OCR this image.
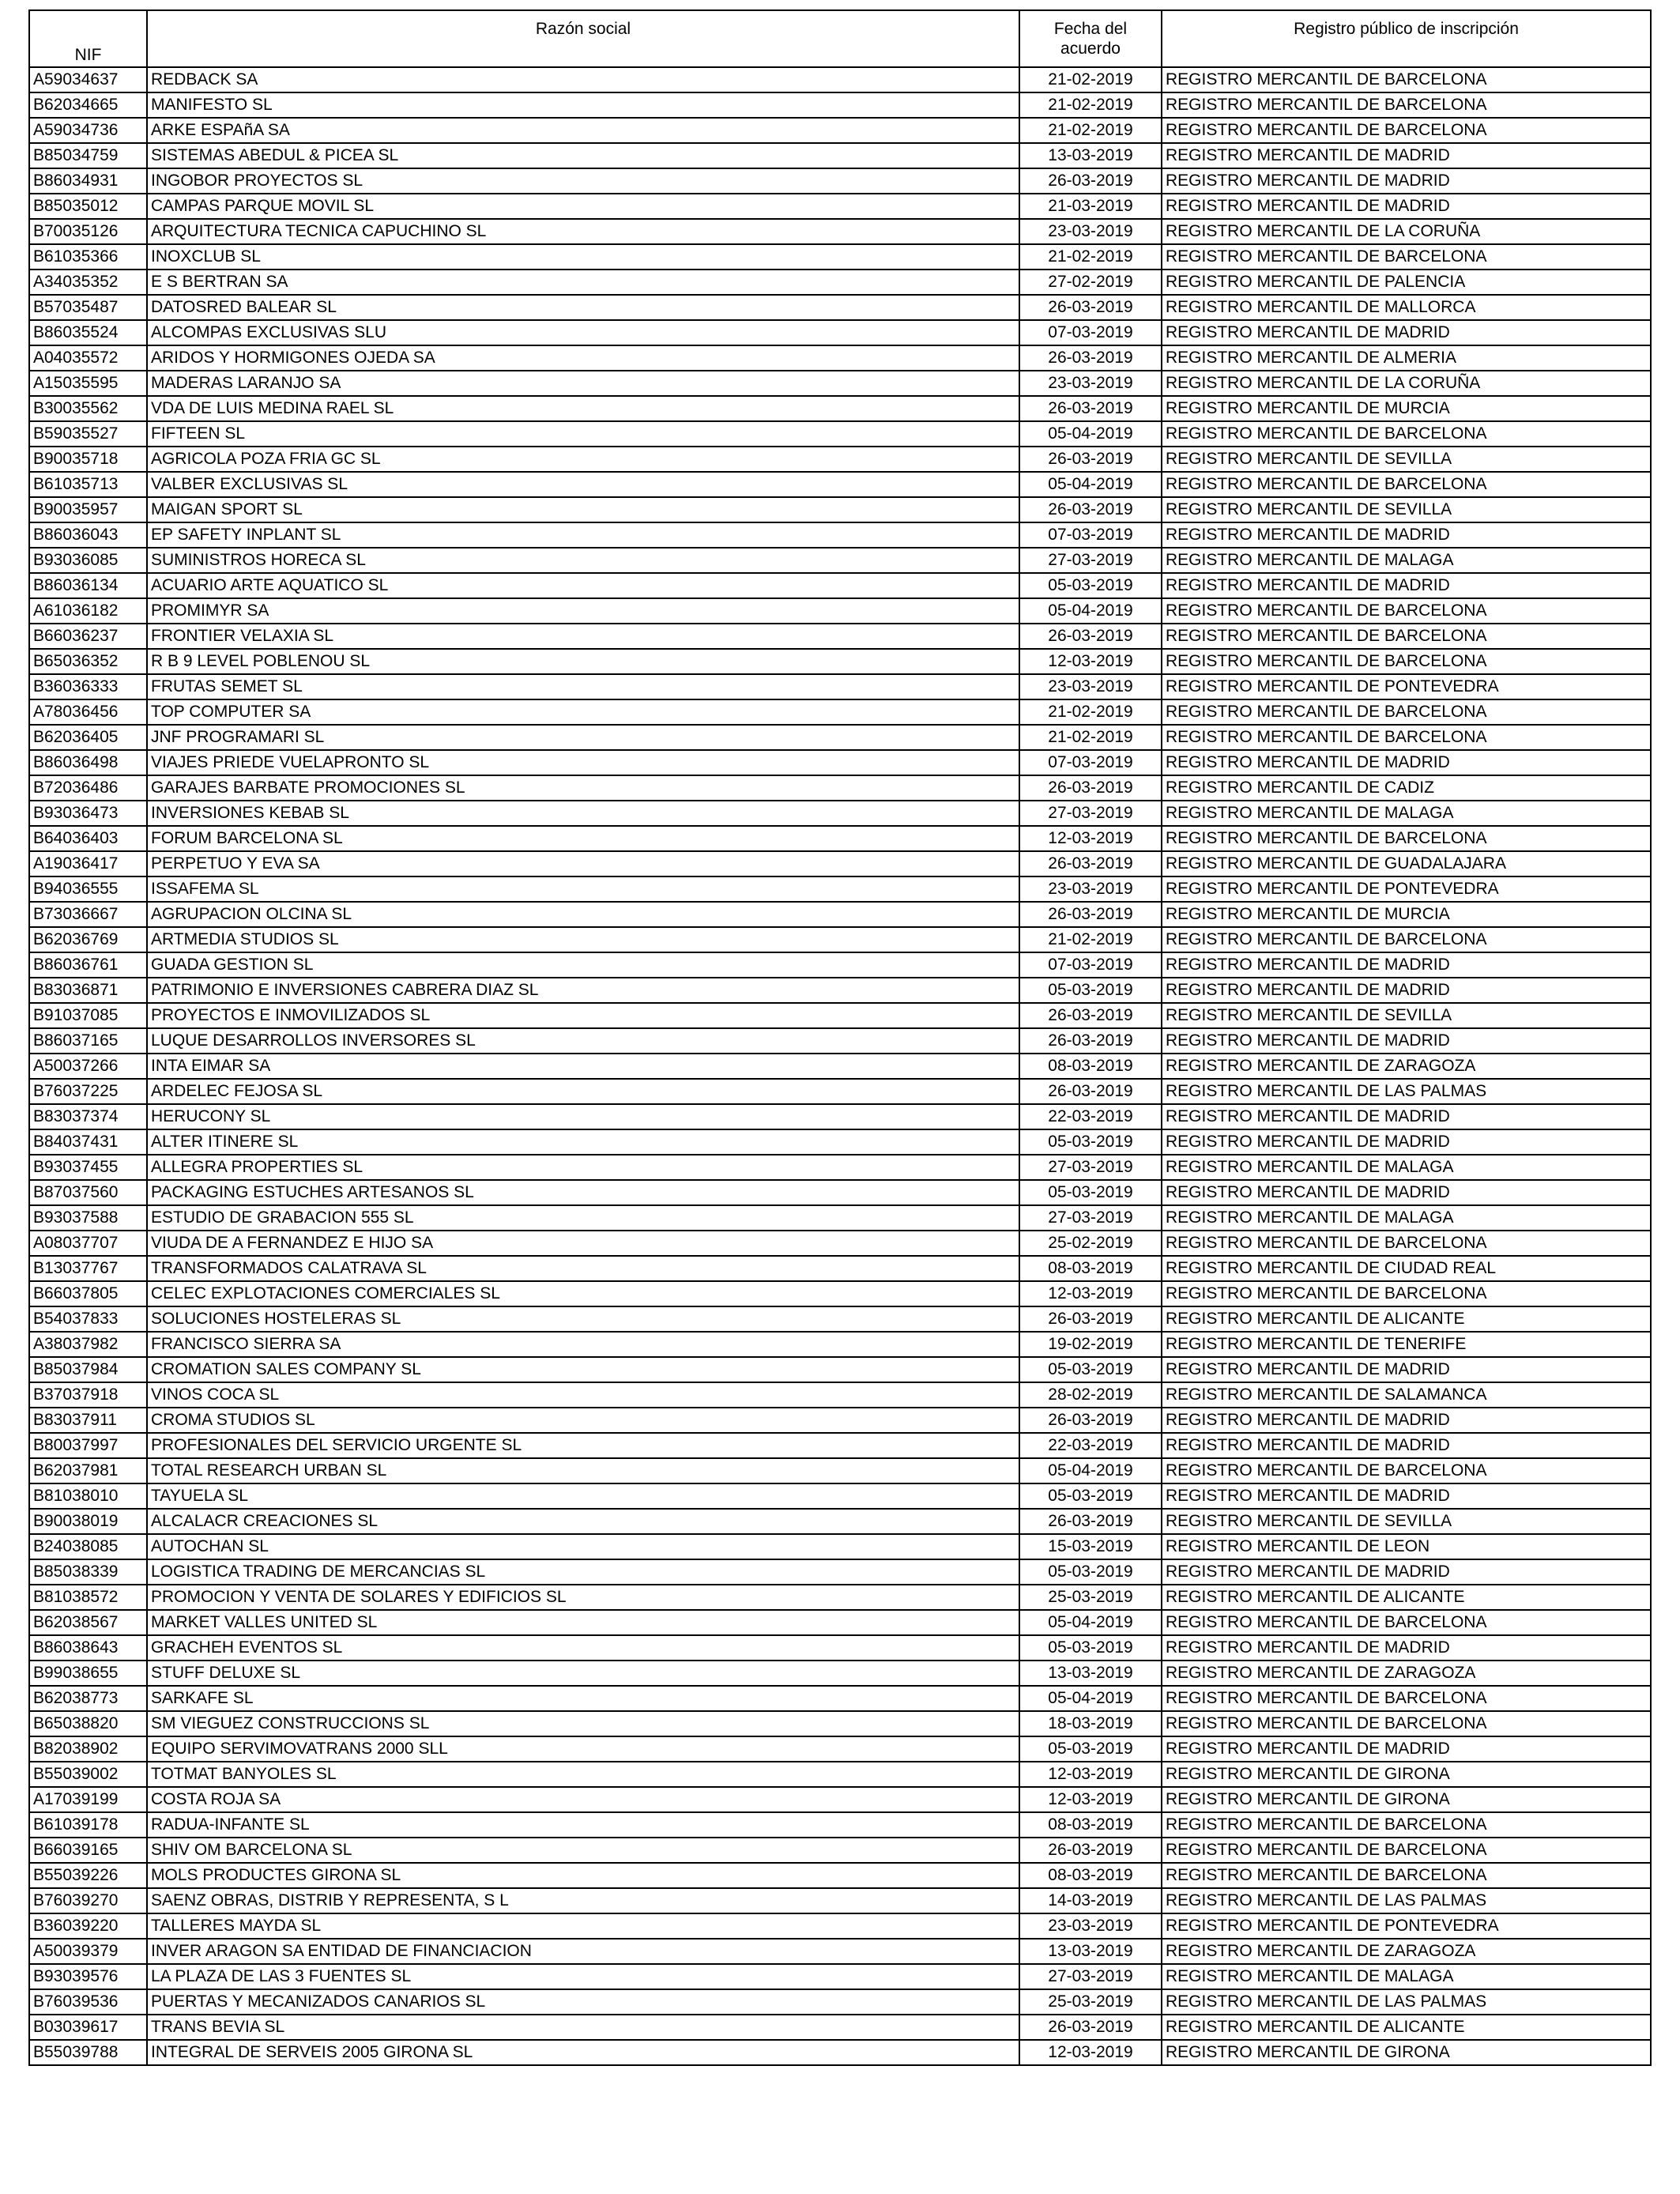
NIF	Razón social	Fecha del acuerdo	Registro público de inscripción
A59034637	REDBACK SA	21-02-2019	REGISTRO MERCANTIL DE BARCELONA
B62034665	MANIFESTO SL	21-02-2019	REGISTRO MERCANTIL DE BARCELONA
A59034736	ARKE ESPAñA SA	21-02-2019	REGISTRO MERCANTIL DE BARCELONA
B85034759	SISTEMAS ABEDUL & PICEA SL	13-03-2019	REGISTRO MERCANTIL DE MADRID
B86034931	INGOBOR PROYECTOS SL	26-03-2019	REGISTRO MERCANTIL DE MADRID
B85035012	CAMPAS PARQUE MOVIL SL	21-03-2019	REGISTRO MERCANTIL DE MADRID
B70035126	ARQUITECTURA TECNICA CAPUCHINO SL	23-03-2019	REGISTRO MERCANTIL DE LA CORUÑA
B61035366	INOXCLUB SL	21-02-2019	REGISTRO MERCANTIL DE BARCELONA
A34035352	E S BERTRAN SA	27-02-2019	REGISTRO MERCANTIL DE PALENCIA
B57035487	DATOSRED BALEAR SL	26-03-2019	REGISTRO MERCANTIL DE MALLORCA
B86035524	ALCOMPAS EXCLUSIVAS SLU	07-03-2019	REGISTRO MERCANTIL DE MADRID
A04035572	ARIDOS Y HORMIGONES OJEDA SA	26-03-2019	REGISTRO MERCANTIL DE ALMERIA
A15035595	MADERAS LARANJO SA	23-03-2019	REGISTRO MERCANTIL DE LA CORUÑA
B30035562	VDA DE LUIS MEDINA RAEL SL	26-03-2019	REGISTRO MERCANTIL DE MURCIA
B59035527	FIFTEEN SL	05-04-2019	REGISTRO MERCANTIL DE BARCELONA
B90035718	AGRICOLA POZA FRIA GC SL	26-03-2019	REGISTRO MERCANTIL DE SEVILLA
B61035713	VALBER EXCLUSIVAS SL	05-04-2019	REGISTRO MERCANTIL DE BARCELONA
B90035957	MAIGAN SPORT SL	26-03-2019	REGISTRO MERCANTIL DE SEVILLA
B86036043	EP SAFETY INPLANT SL	07-03-2019	REGISTRO MERCANTIL DE MADRID
B93036085	SUMINISTROS HORECA SL	27-03-2019	REGISTRO MERCANTIL DE MALAGA
B86036134	ACUARIO ARTE AQUATICO SL	05-03-2019	REGISTRO MERCANTIL DE MADRID
A61036182	PROMIMYR SA	05-04-2019	REGISTRO MERCANTIL DE BARCELONA
B66036237	FRONTIER VELAXIA SL	26-03-2019	REGISTRO MERCANTIL DE BARCELONA
B65036352	R B 9 LEVEL POBLENOU SL	12-03-2019	REGISTRO MERCANTIL DE BARCELONA
B36036333	FRUTAS SEMET SL	23-03-2019	REGISTRO MERCANTIL DE PONTEVEDRA
A78036456	TOP COMPUTER SA	21-02-2019	REGISTRO MERCANTIL DE BARCELONA
B62036405	JNF PROGRAMARI SL	21-02-2019	REGISTRO MERCANTIL DE BARCELONA
B86036498	VIAJES PRIEDE VUELAPRONTO SL	07-03-2019	REGISTRO MERCANTIL DE MADRID
B72036486	GARAJES BARBATE PROMOCIONES SL	26-03-2019	REGISTRO MERCANTIL DE CADIZ
B93036473	INVERSIONES KEBAB SL	27-03-2019	REGISTRO MERCANTIL DE MALAGA
B64036403	FORUM BARCELONA SL	12-03-2019	REGISTRO MERCANTIL DE BARCELONA
A19036417	PERPETUO Y EVA SA	26-03-2019	REGISTRO MERCANTIL DE GUADALAJARA
B94036555	ISSAFEMA SL	23-03-2019	REGISTRO MERCANTIL DE PONTEVEDRA
B73036667	AGRUPACION OLCINA SL	26-03-2019	REGISTRO MERCANTIL DE MURCIA
B62036769	ARTMEDIA STUDIOS SL	21-02-2019	REGISTRO MERCANTIL DE BARCELONA
B86036761	GUADA GESTION SL	07-03-2019	REGISTRO MERCANTIL DE MADRID
B83036871	PATRIMONIO E INVERSIONES CABRERA DIAZ SL	05-03-2019	REGISTRO MERCANTIL DE MADRID
B91037085	PROYECTOS E INMOVILIZADOS SL	26-03-2019	REGISTRO MERCANTIL DE SEVILLA
B86037165	LUQUE DESARROLLOS INVERSORES SL	26-03-2019	REGISTRO MERCANTIL DE MADRID
A50037266	INTA EIMAR SA	08-03-2019	REGISTRO MERCANTIL DE ZARAGOZA
B76037225	ARDELEC FEJOSA SL	26-03-2019	REGISTRO MERCANTIL DE LAS PALMAS
B83037374	HERUCONY SL	22-03-2019	REGISTRO MERCANTIL DE MADRID
B84037431	ALTER ITINERE SL	05-03-2019	REGISTRO MERCANTIL DE MADRID
B93037455	ALLEGRA PROPERTIES SL	27-03-2019	REGISTRO MERCANTIL DE MALAGA
B87037560	PACKAGING ESTUCHES ARTESANOS SL	05-03-2019	REGISTRO MERCANTIL DE MADRID
B93037588	ESTUDIO DE GRABACION 555 SL	27-03-2019	REGISTRO MERCANTIL DE MALAGA
A08037707	VIUDA DE A FERNANDEZ E HIJO SA	25-02-2019	REGISTRO MERCANTIL DE BARCELONA
B13037767	TRANSFORMADOS CALATRAVA SL	08-03-2019	REGISTRO MERCANTIL DE CIUDAD REAL
B66037805	CELEC EXPLOTACIONES COMERCIALES SL	12-03-2019	REGISTRO MERCANTIL DE BARCELONA
B54037833	SOLUCIONES HOSTELERAS SL	26-03-2019	REGISTRO MERCANTIL DE ALICANTE
A38037982	FRANCISCO SIERRA SA	19-02-2019	REGISTRO MERCANTIL DE TENERIFE
B85037984	CROMATION SALES COMPANY SL	05-03-2019	REGISTRO MERCANTIL DE MADRID
B37037918	VINOS COCA SL	28-02-2019	REGISTRO MERCANTIL DE SALAMANCA
B83037911	CROMA STUDIOS SL	26-03-2019	REGISTRO MERCANTIL DE MADRID
B80037997	PROFESIONALES DEL SERVICIO URGENTE SL	22-03-2019	REGISTRO MERCANTIL DE MADRID
B62037981	TOTAL RESEARCH URBAN SL	05-04-2019	REGISTRO MERCANTIL DE BARCELONA
B81038010	TAYUELA SL	05-03-2019	REGISTRO MERCANTIL DE MADRID
B90038019	ALCALACR CREACIONES SL	26-03-2019	REGISTRO MERCANTIL DE SEVILLA
B24038085	AUTOCHAN SL	15-03-2019	REGISTRO MERCANTIL DE LEON
B85038339	LOGISTICA TRADING DE MERCANCIAS SL	05-03-2019	REGISTRO MERCANTIL DE MADRID
B81038572	PROMOCION Y VENTA DE SOLARES Y EDIFICIOS SL	25-03-2019	REGISTRO MERCANTIL DE ALICANTE
B62038567	MARKET VALLES UNITED SL	05-04-2019	REGISTRO MERCANTIL DE BARCELONA
B86038643	GRACHEH EVENTOS SL	05-03-2019	REGISTRO MERCANTIL DE MADRID
B99038655	STUFF DELUXE SL	13-03-2019	REGISTRO MERCANTIL DE ZARAGOZA
B62038773	SARKAFE SL	05-04-2019	REGISTRO MERCANTIL DE BARCELONA
B65038820	SM VIEGUEZ CONSTRUCCIONS SL	18-03-2019	REGISTRO MERCANTIL DE BARCELONA
B82038902	EQUIPO SERVIMOVATRANS 2000 SLL	05-03-2019	REGISTRO MERCANTIL DE MADRID
B55039002	TOTMAT BANYOLES SL	12-03-2019	REGISTRO MERCANTIL DE GIRONA
A17039199	COSTA ROJA SA	12-03-2019	REGISTRO MERCANTIL DE GIRONA
B61039178	RADUA-INFANTE SL	08-03-2019	REGISTRO MERCANTIL DE BARCELONA
B66039165	SHIV OM BARCELONA SL	26-03-2019	REGISTRO MERCANTIL DE BARCELONA
B55039226	MOLS PRODUCTES GIRONA SL	08-03-2019	REGISTRO MERCANTIL DE BARCELONA
B76039270	SAENZ OBRAS, DISTRIB Y REPRESENTA, S L	14-03-2019	REGISTRO MERCANTIL DE LAS PALMAS
B36039220	TALLERES MAYDA SL	23-03-2019	REGISTRO MERCANTIL DE PONTEVEDRA
A50039379	INVER ARAGON SA ENTIDAD DE FINANCIACION	13-03-2019	REGISTRO MERCANTIL DE ZARAGOZA
B93039576	LA PLAZA DE LAS 3 FUENTES SL	27-03-2019	REGISTRO MERCANTIL DE MALAGA
B76039536	PUERTAS Y MECANIZADOS CANARIOS SL	25-03-2019	REGISTRO MERCANTIL DE LAS PALMAS
B03039617	TRANS BEVIA SL	26-03-2019	REGISTRO MERCANTIL DE ALICANTE
B55039788	INTEGRAL DE SERVEIS 2005 GIRONA SL	12-03-2019	REGISTRO MERCANTIL DE GIRONA
